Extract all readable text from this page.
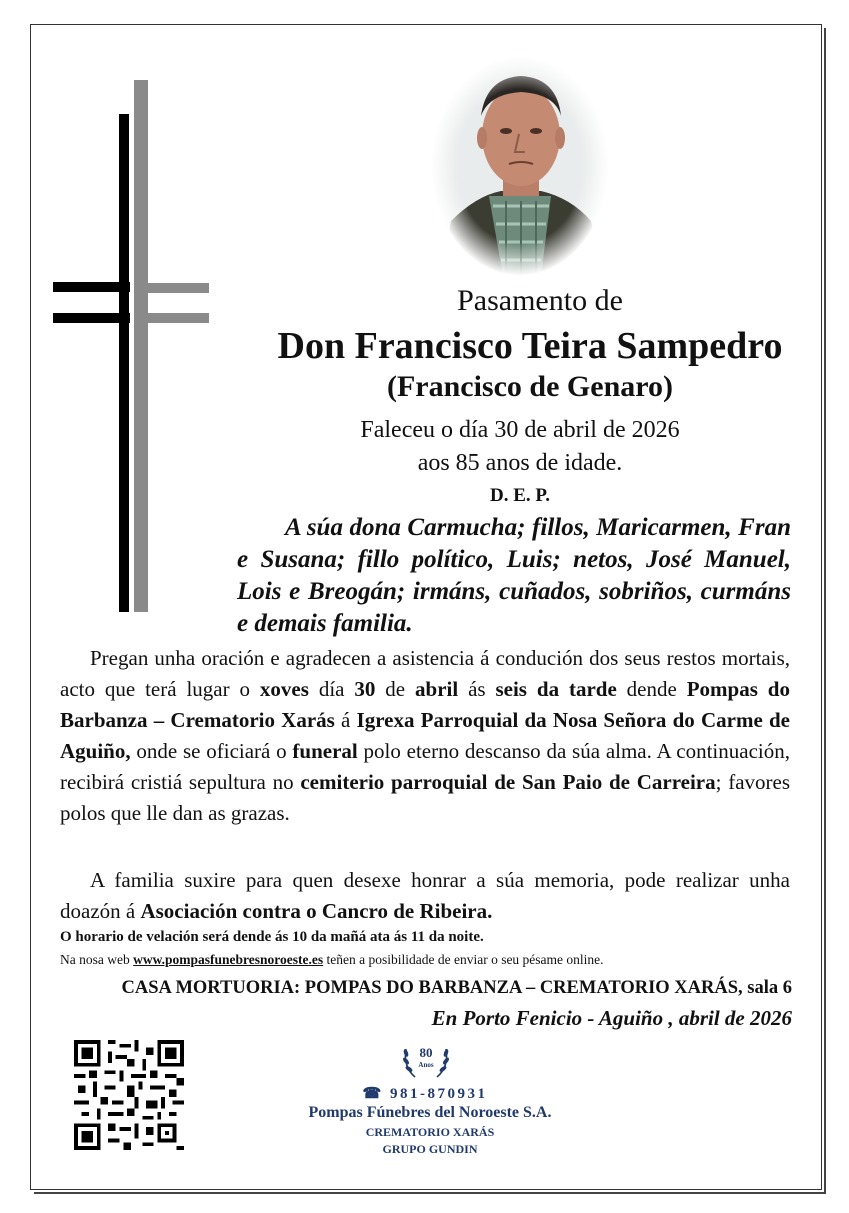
Pasamento de
Don Francisco Teira Sampedro
(Francisco de Genaro)
Faleceu o día 30 de abril de 2026
aos 85 anos de idade.
D. E. P.
A súa dona Carmucha; fillos, Maricarmen, Fran e Susana; fillo político, Luis; netos, José Manuel, Lois e Breogán; irmáns, cuñados, sobriños, curmáns e demais familia.
Pregan unha oración e agradecen a asistencia á condución dos seus restos mortais, acto que terá lugar o xoves día 30 de abril ás seis da tarde dende Pompas do Barbanza – Crematorio Xarás á Igrexa Parroquial da Nosa Señora do Carme de Aguiño, onde se oficiará o funeral polo eterno descanso da súa alma. A continuación, recibirá cristiá sepultura no cemiterio parroquial de San Paio de Carreira; favores polos que lle dan as grazas.
A familia suxire para quen desexe honrar a súa memoria, pode realizar unha doazón á Asociación contra o Cancro de Ribeira.
O horario de velación será dende ás 10 da mañá ata ás 11 da noite.
Na nosa web www.pompasfunebresnoroeste.es teñen a posibilidade de enviar o seu pésame online.
CASA MORTUORIA: POMPAS DO BARBANZA – CREMATORIO XARÁS, sala 6
En Porto Fenicio - Aguiño , abril de 2026
80
Anos
☎ 981-870931
Pompas Fúnebres del Noroeste S.A.
CREMATORIO XARÁS
GRUPO GUNDIN
